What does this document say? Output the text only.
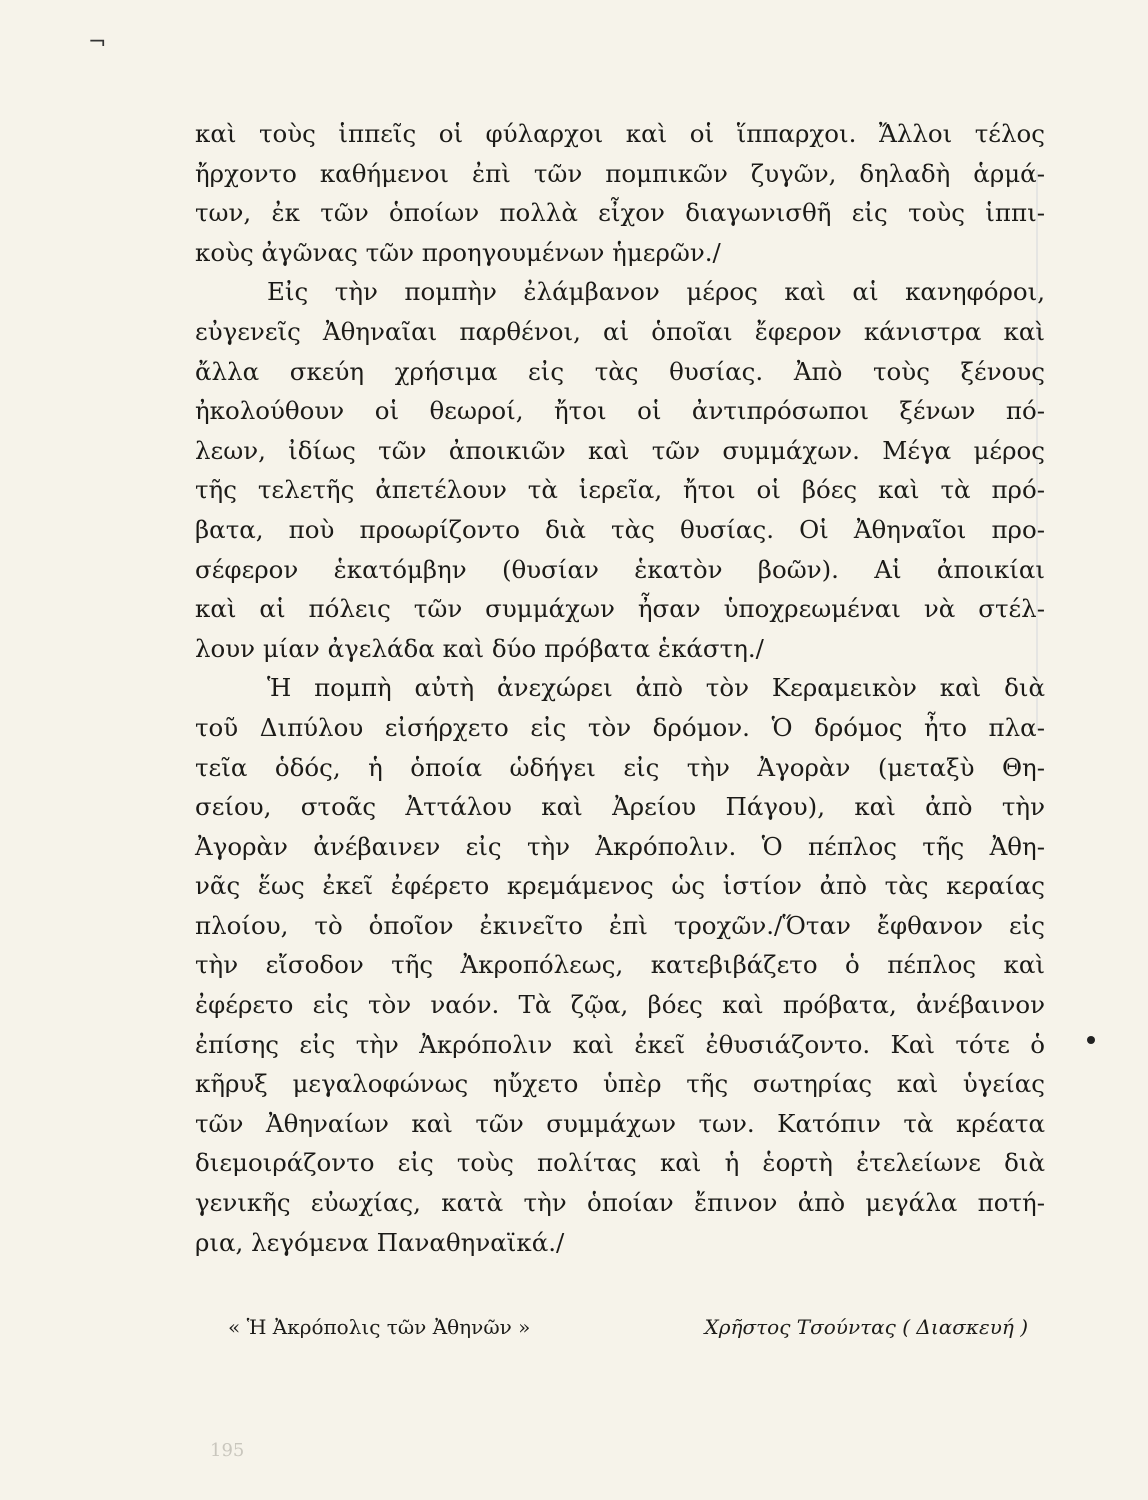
¬
καὶ τοὺς ἱππεῖς οἱ φύλαρχοι καὶ οἱ ἵππαρχοι. Ἄλλοι τέλος
ἤρχοντο καθήμενοι ἐπὶ τῶν πομπικῶν ζυγῶν, δηλαδὴ ἁρμά-
των, ἐκ τῶν ὁποίων πολλὰ εἶχον διαγωνισθῆ εἰς τοὺς ἱππι-
κοὺς ἀγῶνας τῶν προηγουμένων ἡμερῶν./
Εἰς τὴν πομπὴν ἐλάμβανον μέρος καὶ αἱ κανηφόροι,
εὐγενεῖς Ἀθηναῖαι παρθένοι, αἱ ὁποῖαι ἔφερον κάνιστρα καὶ
ἄλλα σκεύη χρήσιμα εἰς τὰς θυσίας. Ἀπὸ τοὺς ξένους
ἠκολούθουν οἱ θεωροί, ἤτοι οἱ ἀντιπρόσωποι ξένων πό-
λεων, ἰδίως τῶν ἀποικιῶν καὶ τῶν συμμάχων. Μέγα μέρος
τῆς τελετῆς ἀπετέλουν τὰ ἱερεῖα, ἤτοι οἱ βόες καὶ τὰ πρό-
βατα, ποὺ προωρίζοντο διὰ τὰς θυσίας. Οἱ Ἀθηναῖοι προ-
σέφερον ἑκατόμβην (θυσίαν ἑκατὸν βοῶν). Αἱ ἀποικίαι
καὶ αἱ πόλεις τῶν συμμάχων ἦσαν ὑποχρεωμέναι νὰ στέλ-
λουν μίαν ἀγελάδα καὶ δύο πρόβατα ἑκάστη./
Ἡ πομπὴ αὐτὴ ἀνεχώρει ἀπὸ τὸν Κεραμεικὸν καὶ διὰ
τοῦ Διπύλου εἰσήρχετο εἰς τὸν δρόμον. Ὁ δρόμος ἦτο πλα-
τεῖα ὁδός, ἡ ὁποία ὡδήγει εἰς τὴν Ἀγορὰν (μεταξὺ Θη-
σείου, στοᾶς Ἀττάλου καὶ Ἀρείου Πάγου), καὶ ἀπὸ τὴν
Ἀγορὰν ἀνέβαινεν εἰς τὴν Ἀκρόπολιν. Ὁ πέπλος τῆς Ἀθη-
νᾶς ἕως ἐκεῖ ἐφέρετο κρεμάμενος ὡς ἱστίον ἀπὸ τὰς κεραίας
πλοίου, τὸ ὁποῖον ἐκινεῖτο ἐπὶ τροχῶν./Ὅταν ἔφθανον εἰς
τὴν εἴσοδον τῆς Ἀκροπόλεως, κατεβιβάζετο ὁ πέπλος καὶ
ἐφέρετο εἰς τὸν ναόν. Τὰ ζῷα, βόες καὶ πρόβατα, ἀνέβαινον
ἐπίσης εἰς τὴν Ἀκρόπολιν καὶ ἐκεῖ ἐθυσιάζοντο. Καὶ τότε ὁ
κῆρυξ μεγαλοφώνως ηὔχετο ὑπὲρ τῆς σωτηρίας καὶ ὑγείας
τῶν Ἀθηναίων καὶ τῶν συμμάχων των. Κατόπιν τὰ κρέατα
διεμοιράζοντο εἰς τοὺς πολίτας καὶ ἡ ἑορτὴ ἐτελείωνε διὰ
γενικῆς εὐωχίας, κατὰ τὴν ὁποίαν ἔπινον ἀπὸ μεγάλα ποτή-
ρια, λεγόμενα Παναθηναϊκά./
« Ἡ Ἀκρόπολις τῶν Ἀθηνῶν »	Χρῆστος Τσούντας ( Διασκευή )
195
